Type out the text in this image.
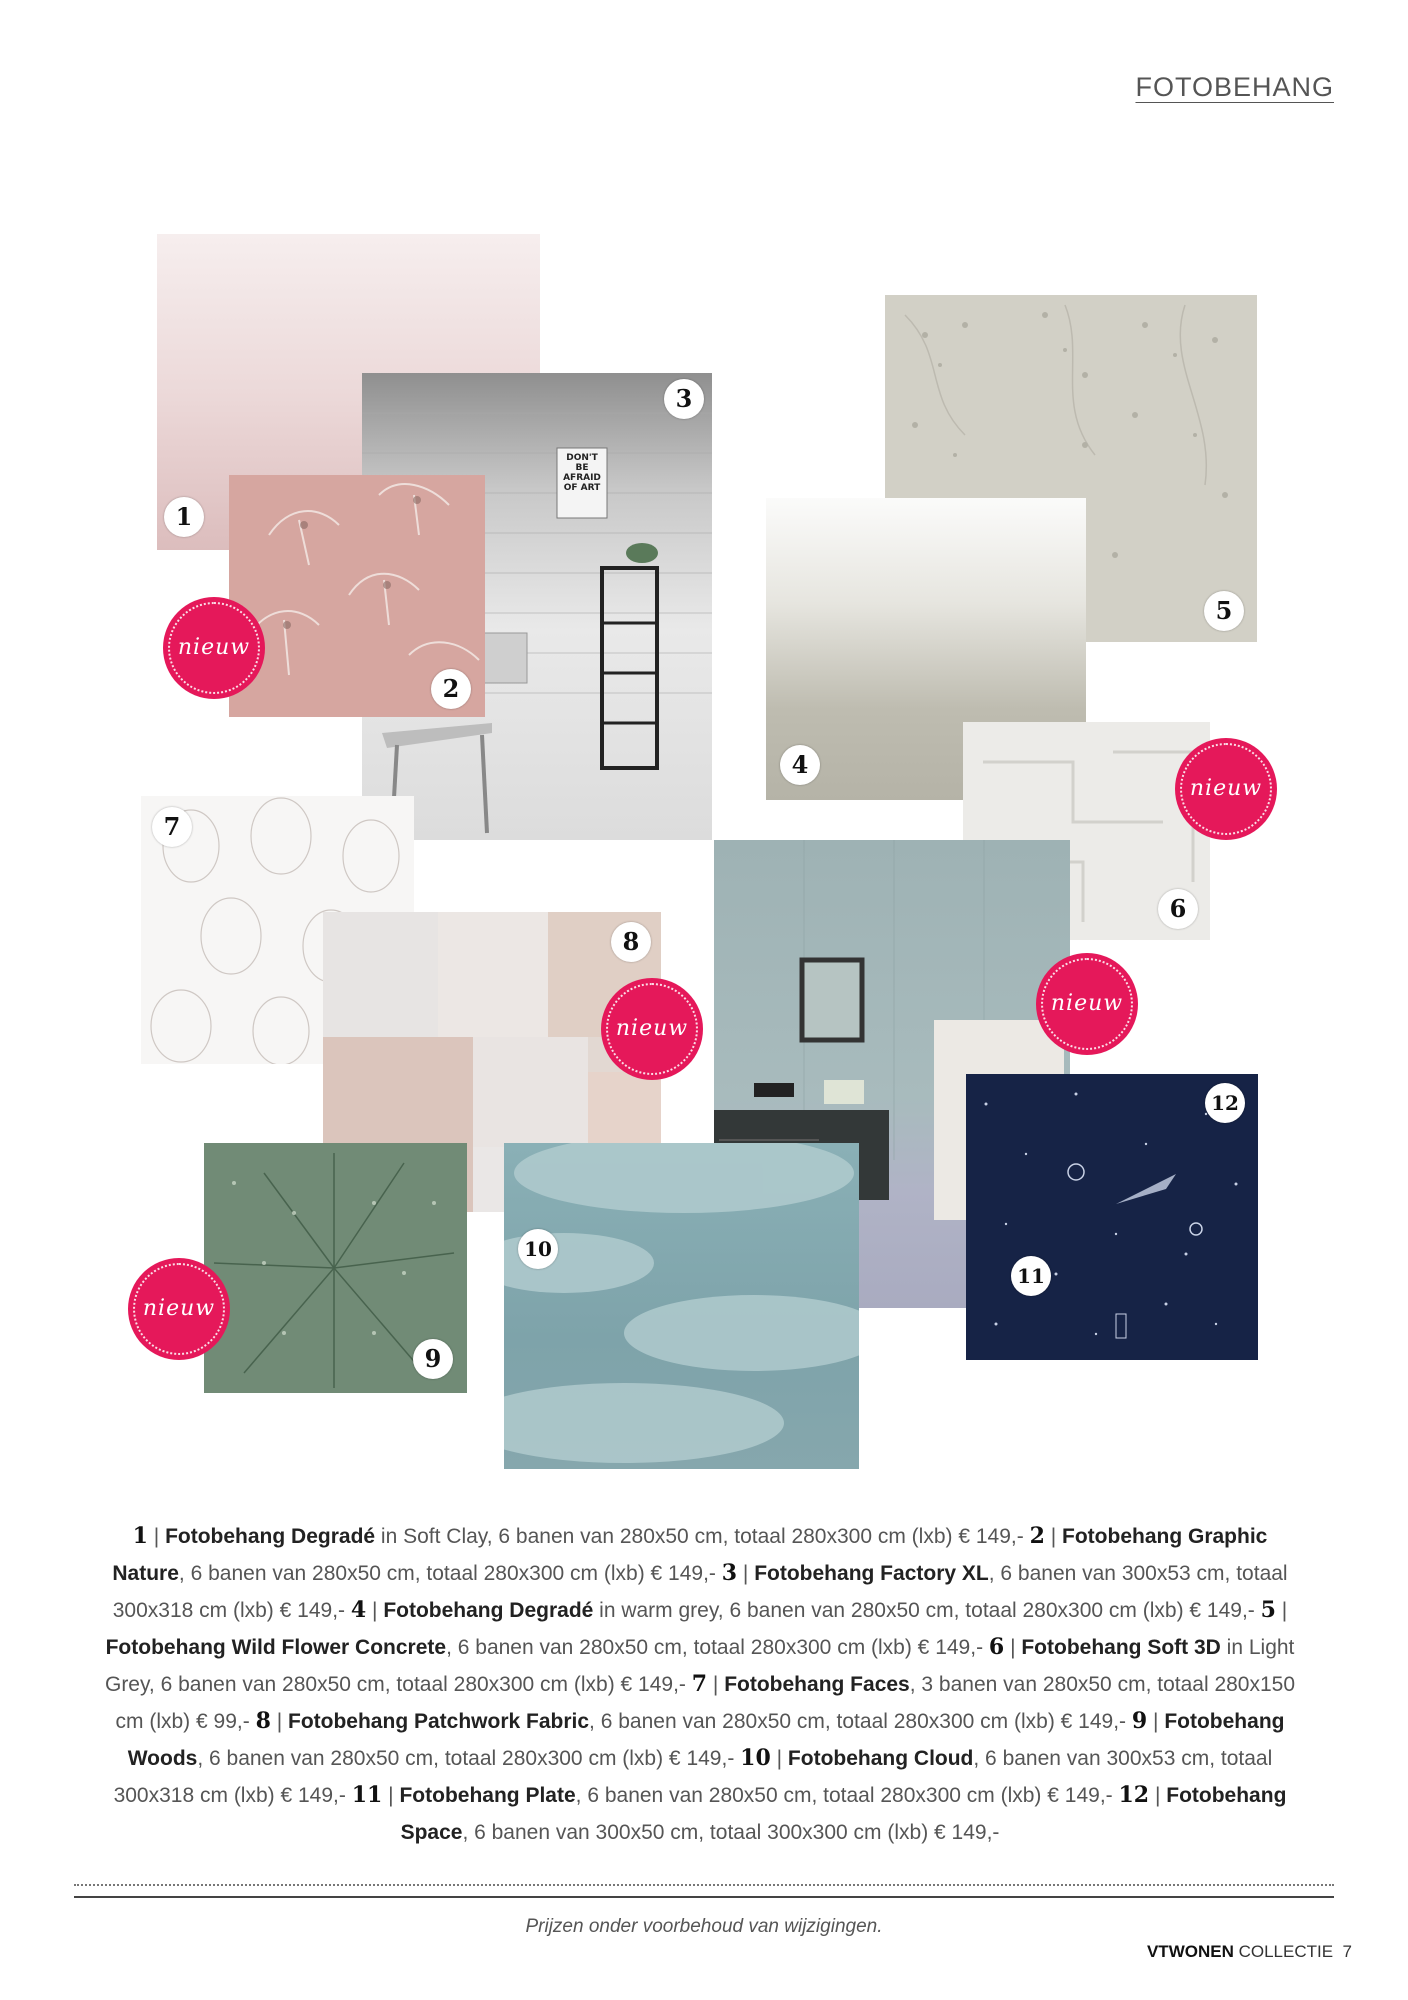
FOTOBEHANG
DON'T BE AFRAID OF ART
1
2
3
4
5
6
7
8
9
10
11
12
nieuw
nieuw
nieuw
nieuw
nieuw
1 | Fotobehang Degradé in Soft Clay, 6 banen van 280x50 cm, totaal 280x300 cm (lxb) € 149,- 2 | Fotobehang Graphic Nature, 6 banen van 280x50 cm, totaal 280x300 cm (lxb) € 149,- 3 | Fotobehang Factory XL, 6 banen van 300x53 cm, totaal 300x318 cm (lxb) € 149,- 4 | Fotobehang Degradé in warm grey, 6 banen van 280x50 cm, totaal 280x300 cm (lxb) € 149,- 5 | Fotobehang Wild Flower Concrete, 6 banen van 280x50 cm, totaal 280x300 cm (lxb) € 149,- 6 | Fotobehang Soft 3D in Light Grey, 6 banen van 280x50 cm, totaal 280x300 cm (lxb) € 149,- 7 | Fotobehang Faces, 3 banen van 280x50 cm, totaal 280x150 cm (lxb) € 99,- 8 | Fotobehang Patchwork Fabric, 6 banen van 280x50 cm, totaal 280x300 cm (lxb) € 149,- 9 | Fotobehang Woods, 6 banen van 280x50 cm, totaal 280x300 cm (lxb) € 149,- 10 | Fotobehang Cloud, 6 banen van 300x53 cm, totaal 300x318 cm (lxb) € 149,- 11 | Fotobehang Plate, 6 banen van 280x50 cm, totaal 280x300 cm (lxb) € 149,- 12 | Fotobehang Space, 6 banen van 300x50 cm, totaal 300x300 cm (lxb) € 149,-
Prijzen onder voorbehoud van wijzigingen.
VTWONEN COLLECTIE 7
